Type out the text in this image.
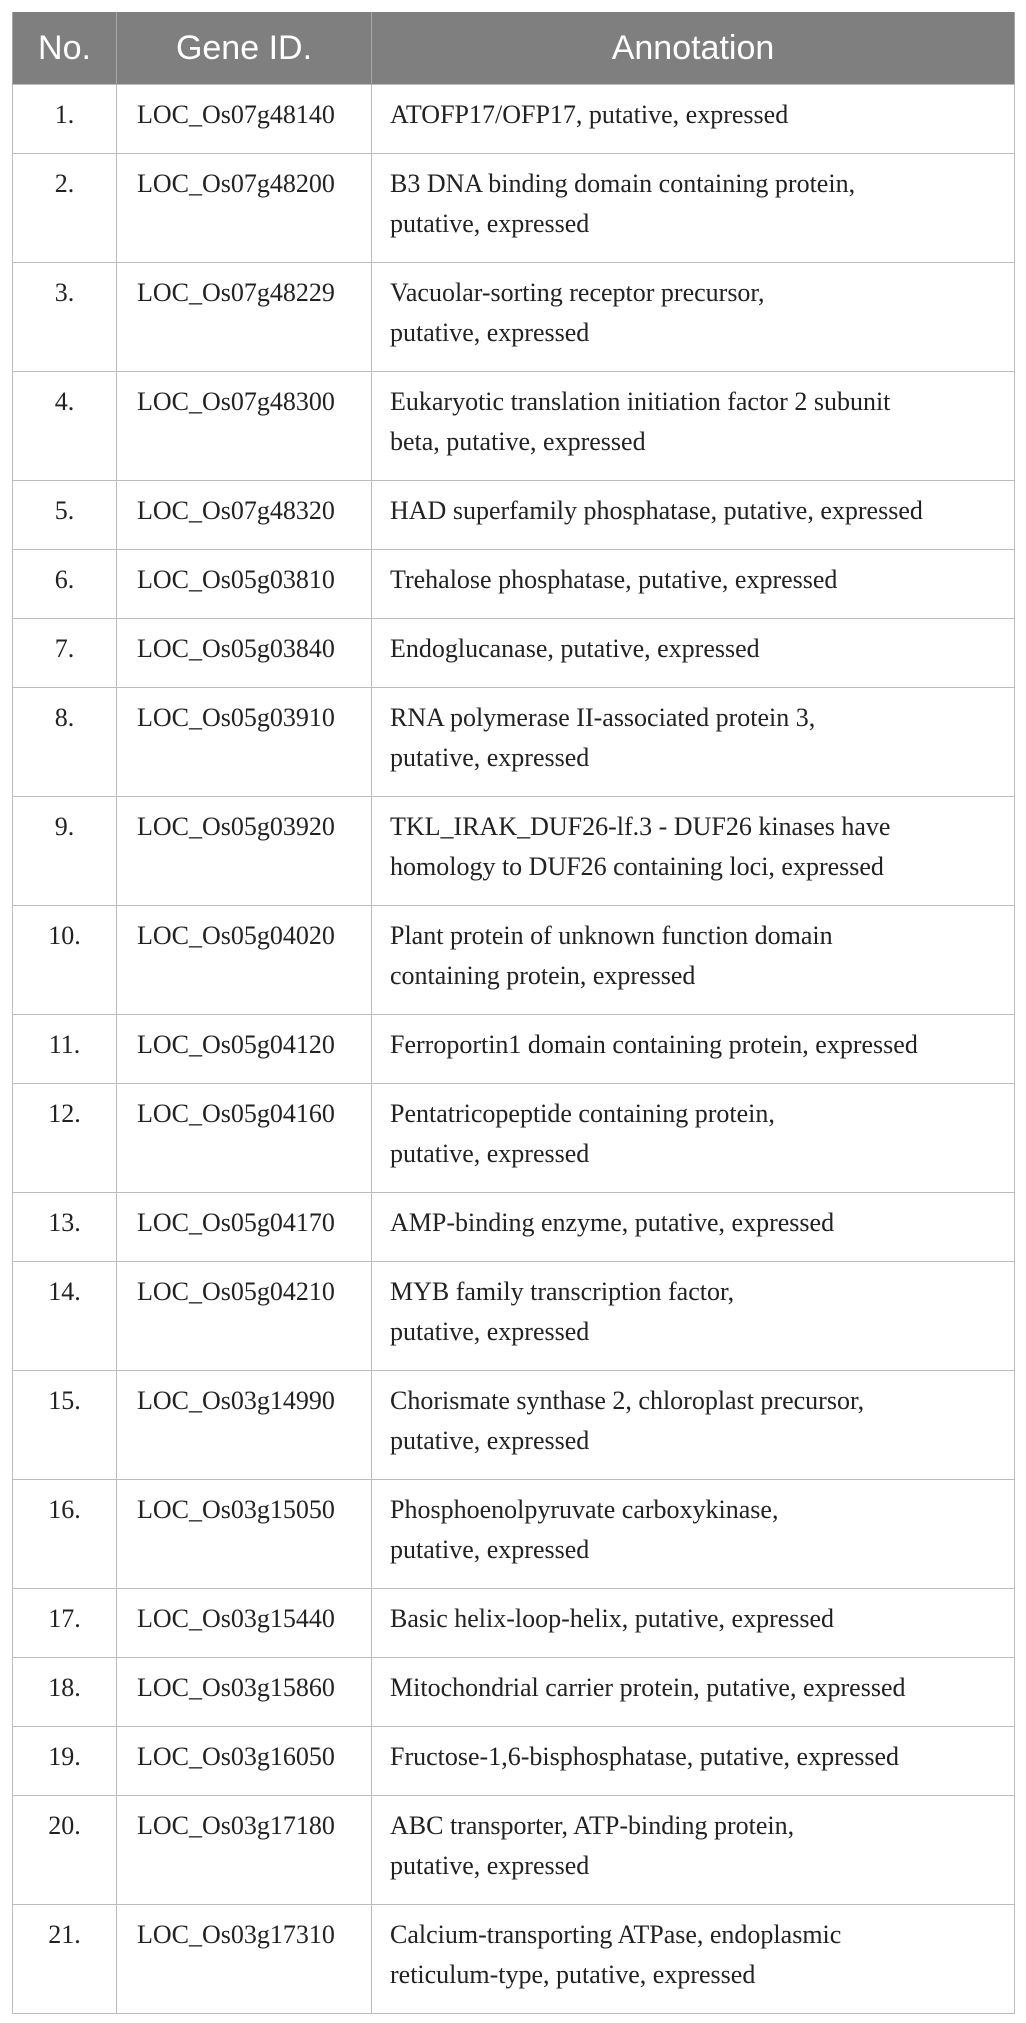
No.	Gene ID.	Annotation
1.	LOC_Os07g48140	ATOFP17/OFP17, putative, expressed
2.	LOC_Os07g48200	B3 DNA binding domain containing protein,
putative, expressed
3.	LOC_Os07g48229	Vacuolar-sorting receptor precursor,
putative, expressed
4.	LOC_Os07g48300	Eukaryotic translation initiation factor 2 subunit
beta, putative, expressed
5.	LOC_Os07g48320	HAD superfamily phosphatase, putative, expressed
6.	LOC_Os05g03810	Trehalose phosphatase, putative, expressed
7.	LOC_Os05g03840	Endoglucanase, putative, expressed
8.	LOC_Os05g03910	RNA polymerase II-associated protein 3,
putative, expressed
9.	LOC_Os05g03920	TKL_IRAK_DUF26-lf.3 - DUF26 kinases have
homology to DUF26 containing loci, expressed
10.	LOC_Os05g04020	Plant protein of unknown function domain
containing protein, expressed
11.	LOC_Os05g04120	Ferroportin1 domain containing protein, expressed
12.	LOC_Os05g04160	Pentatricopeptide containing protein,
putative, expressed
13.	LOC_Os05g04170	AMP-binding enzyme, putative, expressed
14.	LOC_Os05g04210	MYB family transcription factor,
putative, expressed
15.	LOC_Os03g14990	Chorismate synthase 2, chloroplast precursor,
putative, expressed
16.	LOC_Os03g15050	Phosphoenolpyruvate carboxykinase,
putative, expressed
17.	LOC_Os03g15440	Basic helix-loop-helix, putative, expressed
18.	LOC_Os03g15860	Mitochondrial carrier protein, putative, expressed
19.	LOC_Os03g16050	Fructose-1,6-bisphosphatase, putative, expressed
20.	LOC_Os03g17180	ABC transporter, ATP-binding protein,
putative, expressed
21.	LOC_Os03g17310	Calcium-transporting ATPase, endoplasmic
reticulum-type, putative, expressed
